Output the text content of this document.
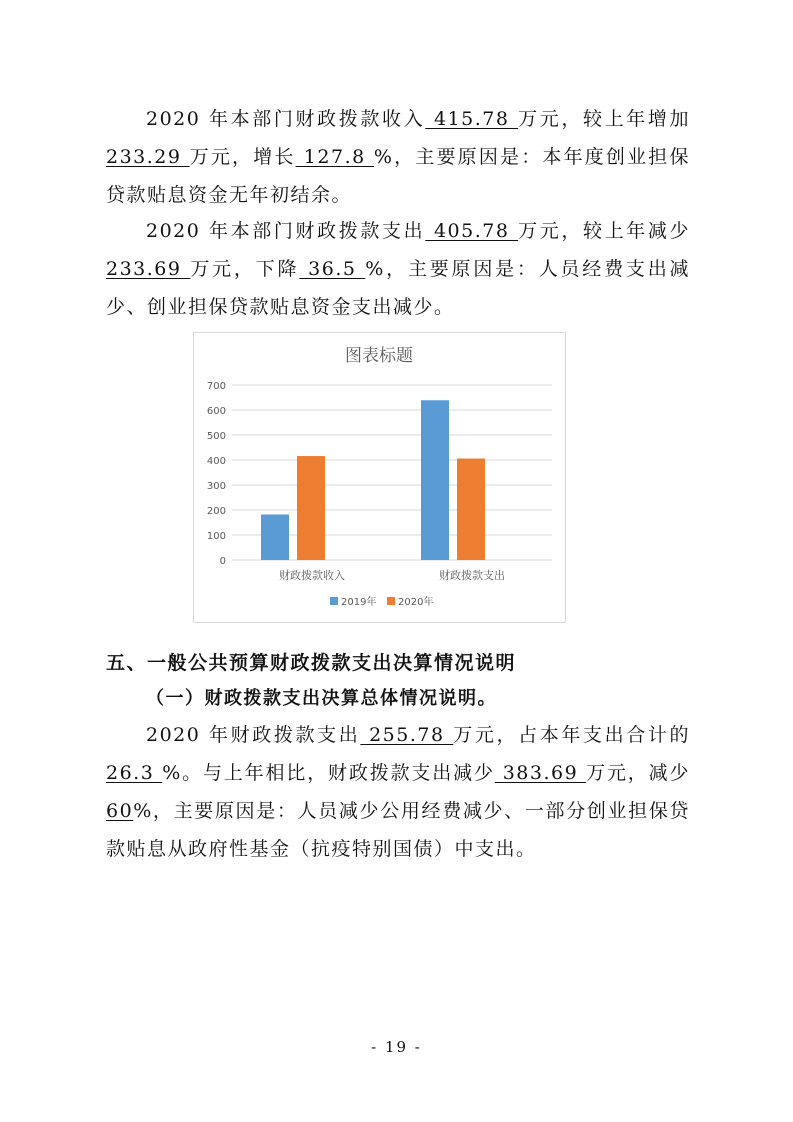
2020 年本部门财政拨款收入 415.78 万元，较上年增加233.29 万元，增长 127.8 %，主要原因是：本年度创业担保贷款贴息资金无年初结余。

2020 年本部门财政拨款支出 405.78 万元，较上年减少233.69 万元，下降 36.5 %，主要原因是：人员经费支出减少、创业担保贷款贴息资金支出减少。

图表标题
0
100
200
300
400
500
600
700
财政拨款收入	财政拨款支出
2019年 2020年
五、一般公共预算财政拨款支出决算情况说明
（一）财政拨款支出决算总体情况说明。

2020 年财政拨款支出 255.78 万元，占本年支出合计的26.3 %。与上年相比，财政拨款支出减少 383.69 万元，减少60%，主要原因是：人员减少公用经费减少、一部分创业担保贷款贴息从政府性基金（抗疫特别国债）中支出。

- 19 -
